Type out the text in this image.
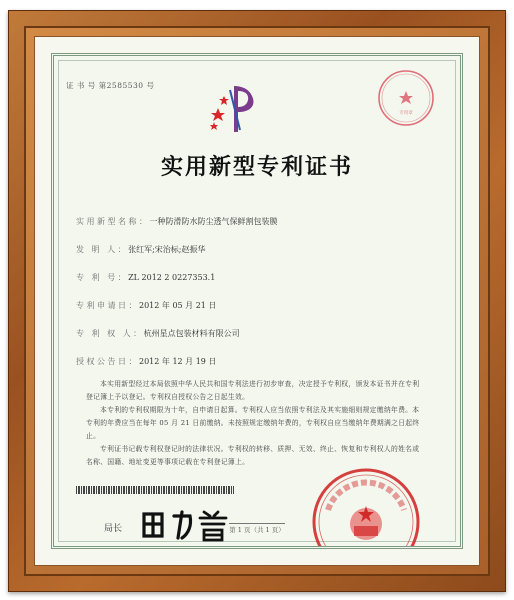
证 书 号 第2585530 号
专用章
实用新型专利证书
实用新型名称：一种防滑防水防尘透气保鲜割包装膜
发 明 人：张红军;宋治标;赵振华
专 利 号：ZL 2012 2 0227353.1
专利申请日：2012 年 05 月 21 日
专 利 权 人：杭州星点包装材料有限公司
授权公告日：2012 年 12 月 19 日

本实用新型经过本局依照中华人民共和国专利法进行初步审查，决定授予专利权，颁发本证书并在专利登记簿上予以登记。专利权自授权公告之日起生效。

本专利的专利权期限为十年，自申请日起算。专利权人应当依照专利法及其实施细则规定缴纳年费。本专利的年费应当在每年 05 月 21 日前缴纳。未按照规定缴纳年费的，专利权自应当缴纳年费期满之日起终止。

专利证书记载专利权登记时的法律状况。专利权的转移、质押、无效、终止、恢复和专利权人的姓名或名称、国籍、地址变更等事项记载在专利登记簿上。

局长
专利局
第 1 页（共 1 页）
